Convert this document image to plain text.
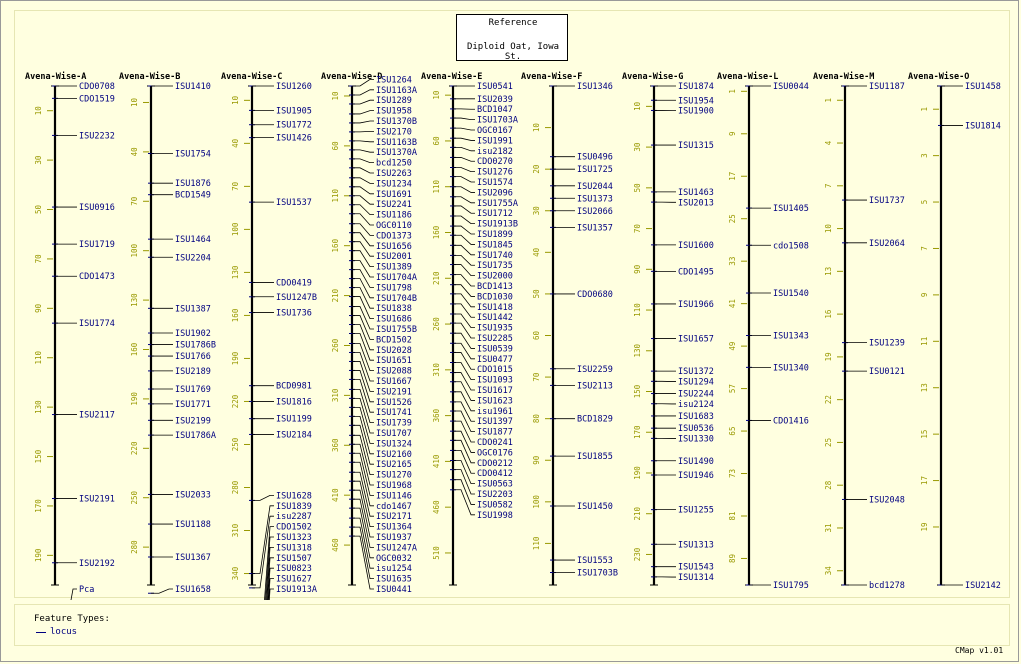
Reference
Diploid Oat, Iowa St.
Avena-Wise-A
10
30
50
70
90
110
130
150
170
190
CDO0708
CDO1519
ISU2232
ISU0916
ISU1719
CDO1473
ISU1774
ISU2117
ISU2191
ISU2192
Pca
Avena-Wise-B
10
40
70
100
130
160
190
220
250
280
ISU1410
ISU1754
ISU1876
BCD1549
ISU1464
ISU2204
ISU1387
ISU1902
ISU1786B
ISU1766
ISU2189
ISU1769
ISU1771
ISU2199
ISU1786A
ISU2033
ISU1188
ISU1367
ISU1658
Avena-Wise-C
10
40
70
100
130
160
190
220
250
280
310
340
ISU1260
ISU1905
ISU1772
ISU1426
ISU1537
CDO0419
ISU1247B
ISU1736
BCD0981
ISU1816
ISU1199
ISU2184
ISU1628
ISU1839
isu2287
CDO1502
ISU1323
ISU1318
ISU1507
ISU0823
ISU1627
ISU1913A
Avena-Wise-D
10
60
110
160
210
260
310
360
410
460
ISU1264
ISU1163A
ISU1289
ISU1958
ISU1370B
ISU2170
ISU1163B
ISU1370A
bcd1250
ISU2263
ISU1234
ISU1691
ISU2241
ISU1186
OGC0110
CDO1373
ISU1656
ISU2001
ISU1389
ISU1704A
ISU1798
ISU1704B
ISU1838
ISU1686
ISU1755B
BCD1502
ISU2028
ISU1651
ISU2088
ISU1667
ISU2191
ISU1526
ISU1741
ISU1739
ISU1707
ISU1324
ISU2160
ISU2165
ISU1270
ISU1968
ISU1146
cdo1467
ISU2171
ISU1364
ISU1937
ISU1247A
OGC0032
isu1254
ISU1635
ISU0441
Avena-Wise-E
10
60
110
160
210
260
310
360
410
460
510
ISU0541
ISU2039
BCD1047
ISU1703A
OGC0167
ISU1991
isu2182
CDO0270
ISU1276
ISU1574
ISU2096
ISU1755A
ISU1712
ISU1913B
ISU1899
ISU1845
ISU1740
ISU1735
ISU2000
BCD1413
BCD1030
ISU1418
ISU1442
ISU1935
ISU2285
ISU0539
ISU0477
CDO1015
ISU1093
ISU1617
ISU1623
isu1961
ISU1397
ISU1877
CDO0241
OGC0176
CDO0212
CDO0412
ISU0563
ISU2203
ISU0582
ISU1998
Avena-Wise-F
10
20
30
40
50
60
70
80
90
100
110
ISU1346
ISU0496
ISU1725
ISU2044
ISU1373
ISU2066
ISU1357
CDO0680
ISU2259
ISU2113
BCD1829
ISU1855
ISU1450
ISU1553
ISU1703B
Avena-Wise-G
10
30
50
70
90
110
130
150
170
190
210
230
ISU1874
ISU1954
ISU1900
ISU1315
ISU1463
ISU2013
ISU1600
CDO1495
ISU1966
ISU1657
ISU1372
ISU1294
ISU2244
isu2124
ISU1683
ISU0536
ISU1330
ISU1490
ISU1946
ISU1255
ISU1313
ISU1543
ISU1314
Avena-Wise-L
1
9
17
25
33
41
49
57
65
73
81
89
ISU0044
ISU1405
cdo1508
ISU1540
ISU1343
ISU1340
CDO1416
ISU1795
Avena-Wise-M
1
4
7
10
13
16
19
22
25
28
31
34
ISU1187
ISU1737
ISU2064
ISU1239
ISU0121
ISU2048
bcd1278
Avena-Wise-O
1
3
5
7
9
11
13
15
17
19
ISU1458
ISU1814
ISU2142
Feature Types:
locus
CMap v1.01
